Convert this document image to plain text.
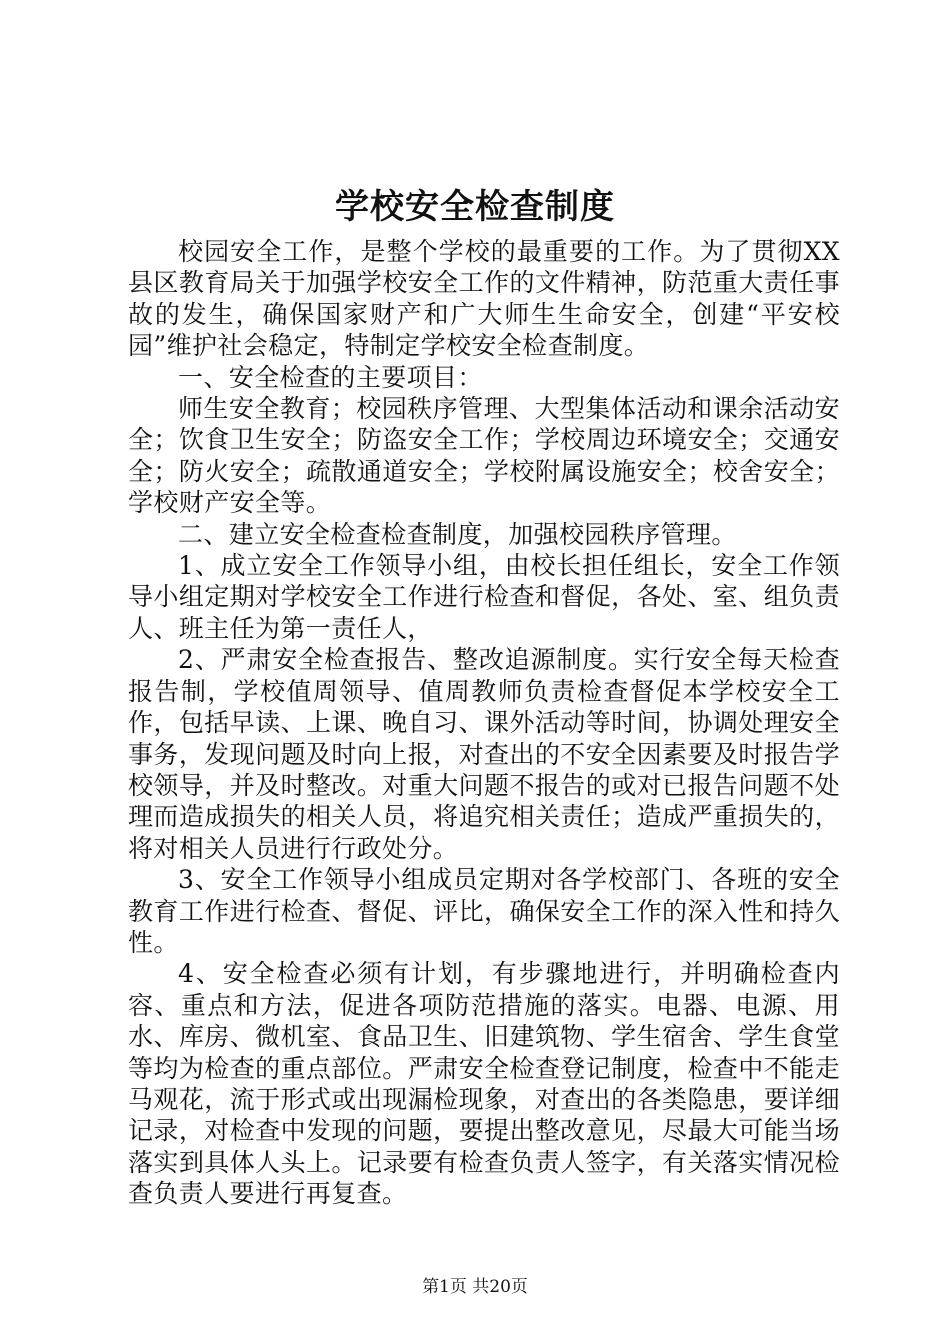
学校安全检查制度

校园安全工作，是整个学校的最重要的工作。为了贯彻XX县区教育局关于加强学校安全工作的文件精神，防范重大责任事故的发生，确保国家财产和广大师生生命安全，创建“平安校园”维护社会稳定，特制定学校安全检查制度。

一、安全检查的主要项目：

师生安全教育；校园秩序管理、大型集体活动和课余活动安全；饮食卫生安全；防盗安全工作；学校周边环境安全；交通安全；防火安全；疏散通道安全；学校附属设施安全；校舍安全；学校财产安全等。

二、建立安全检查检查制度，加强校园秩序管理。

1、成立安全工作领导小组，由校长担任组长，安全工作领导小组定期对学校安全工作进行检查和督促，各处、室、组负责人、班主任为第一责任人，

2、严肃安全检查报告、整改追源制度。实行安全每天检查报告制，学校值周领导、值周教师负责检查督促本学校安全工作，包括早读、上课、晚自习、课外活动等时间，协调处理安全事务，发现问题及时向上报，对查出的不安全因素要及时报告学校领导，并及时整改。对重大问题不报告的或对已报告问题不处理而造成损失的相关人员，将追究相关责任；造成严重损失的，将对相关人员进行行政处分。

3、安全工作领导小组成员定期对各学校部门、各班的安全教育工作进行检查、督促、评比，确保安全工作的深入性和持久性。

4、安全检查必须有计划，有步骤地进行，并明确检查内容、重点和方法，促进各项防范措施的落实。电器、电源、用水、库房、微机室、食品卫生、旧建筑物、学生宿舍、学生食堂等均为检查的重点部位。严肃安全检查登记制度，检查中不能走马观花，流于形式或出现漏检现象，对查出的各类隐患，要详细记录，对检查中发现的问题，要提出整改意见，尽最大可能当场落实到具体人头上。记录要有检查负责人签字，有关落实情况检查负责人要进行再复查。

第1页 共20页
